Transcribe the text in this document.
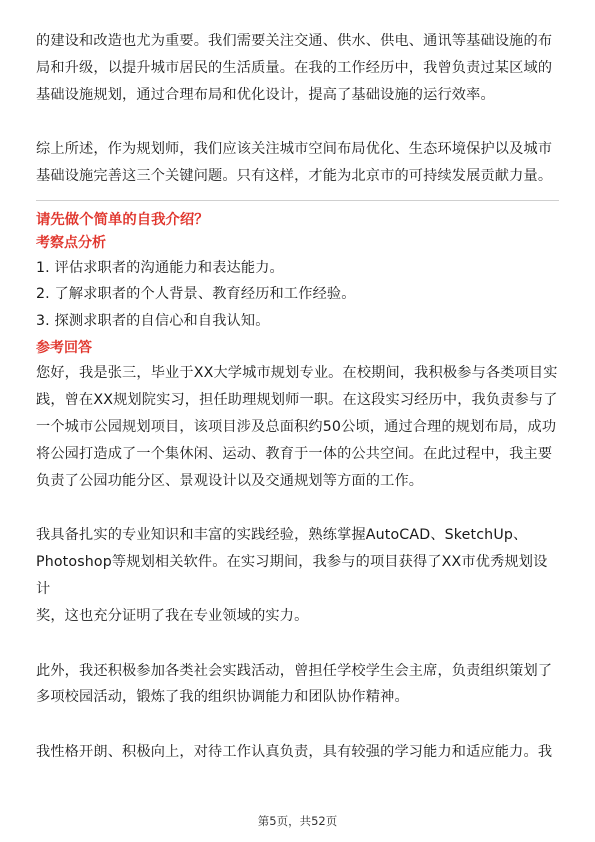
的建设和改造也尤为重要。我们需要关注交通、供水、供电、通讯等基础设施的布

局和升级，以提升城市居民的生活质量。在我的工作经历中，我曾负责过某区域的

基础设施规划，通过合理布局和优化设计，提高了基础设施的运行效率。

综上所述，作为规划师，我们应该关注城市空间布局优化、生态环境保护以及城市

基础设施完善这三个关键问题。只有这样，才能为北京市的可持续发展贡献力量。

请先做个简单的自我介绍？
考察点分析

1. 评估求职者的沟通能力和表达能力。

2. 了解求职者的个人背景、教育经历和工作经验。

3. 探测求职者的自信心和自我认知。

参考回答

您好，我是张三，毕业于XX大学城市规划专业。在校期间，我积极参与各类项目实

践，曾在XX规划院实习，担任助理规划师一职。在这段实习经历中，我负责参与了

一个城市公园规划项目，该项目涉及总面积约50公顷，通过合理的规划布局，成功

将公园打造成了一个集休闲、运动、教育于一体的公共空间。在此过程中，我主要

负责了公园功能分区、景观设计以及交通规划等方面的工作。

我具备扎实的专业知识和丰富的实践经验，熟练掌握AutoCAD、SketchUp、

Photoshop等规划相关软件。在实习期间，我参与的项目获得了XX市优秀规划设计

奖，这也充分证明了我在专业领域的实力。

此外，我还积极参加各类社会实践活动，曾担任学校学生会主席，负责组织策划了

多项校园活动，锻炼了我的组织协调能力和团队协作精神。

我性格开朗、积极向上，对待工作认真负责，具有较强的学习能力和适应能力。我

第5页，共52页
